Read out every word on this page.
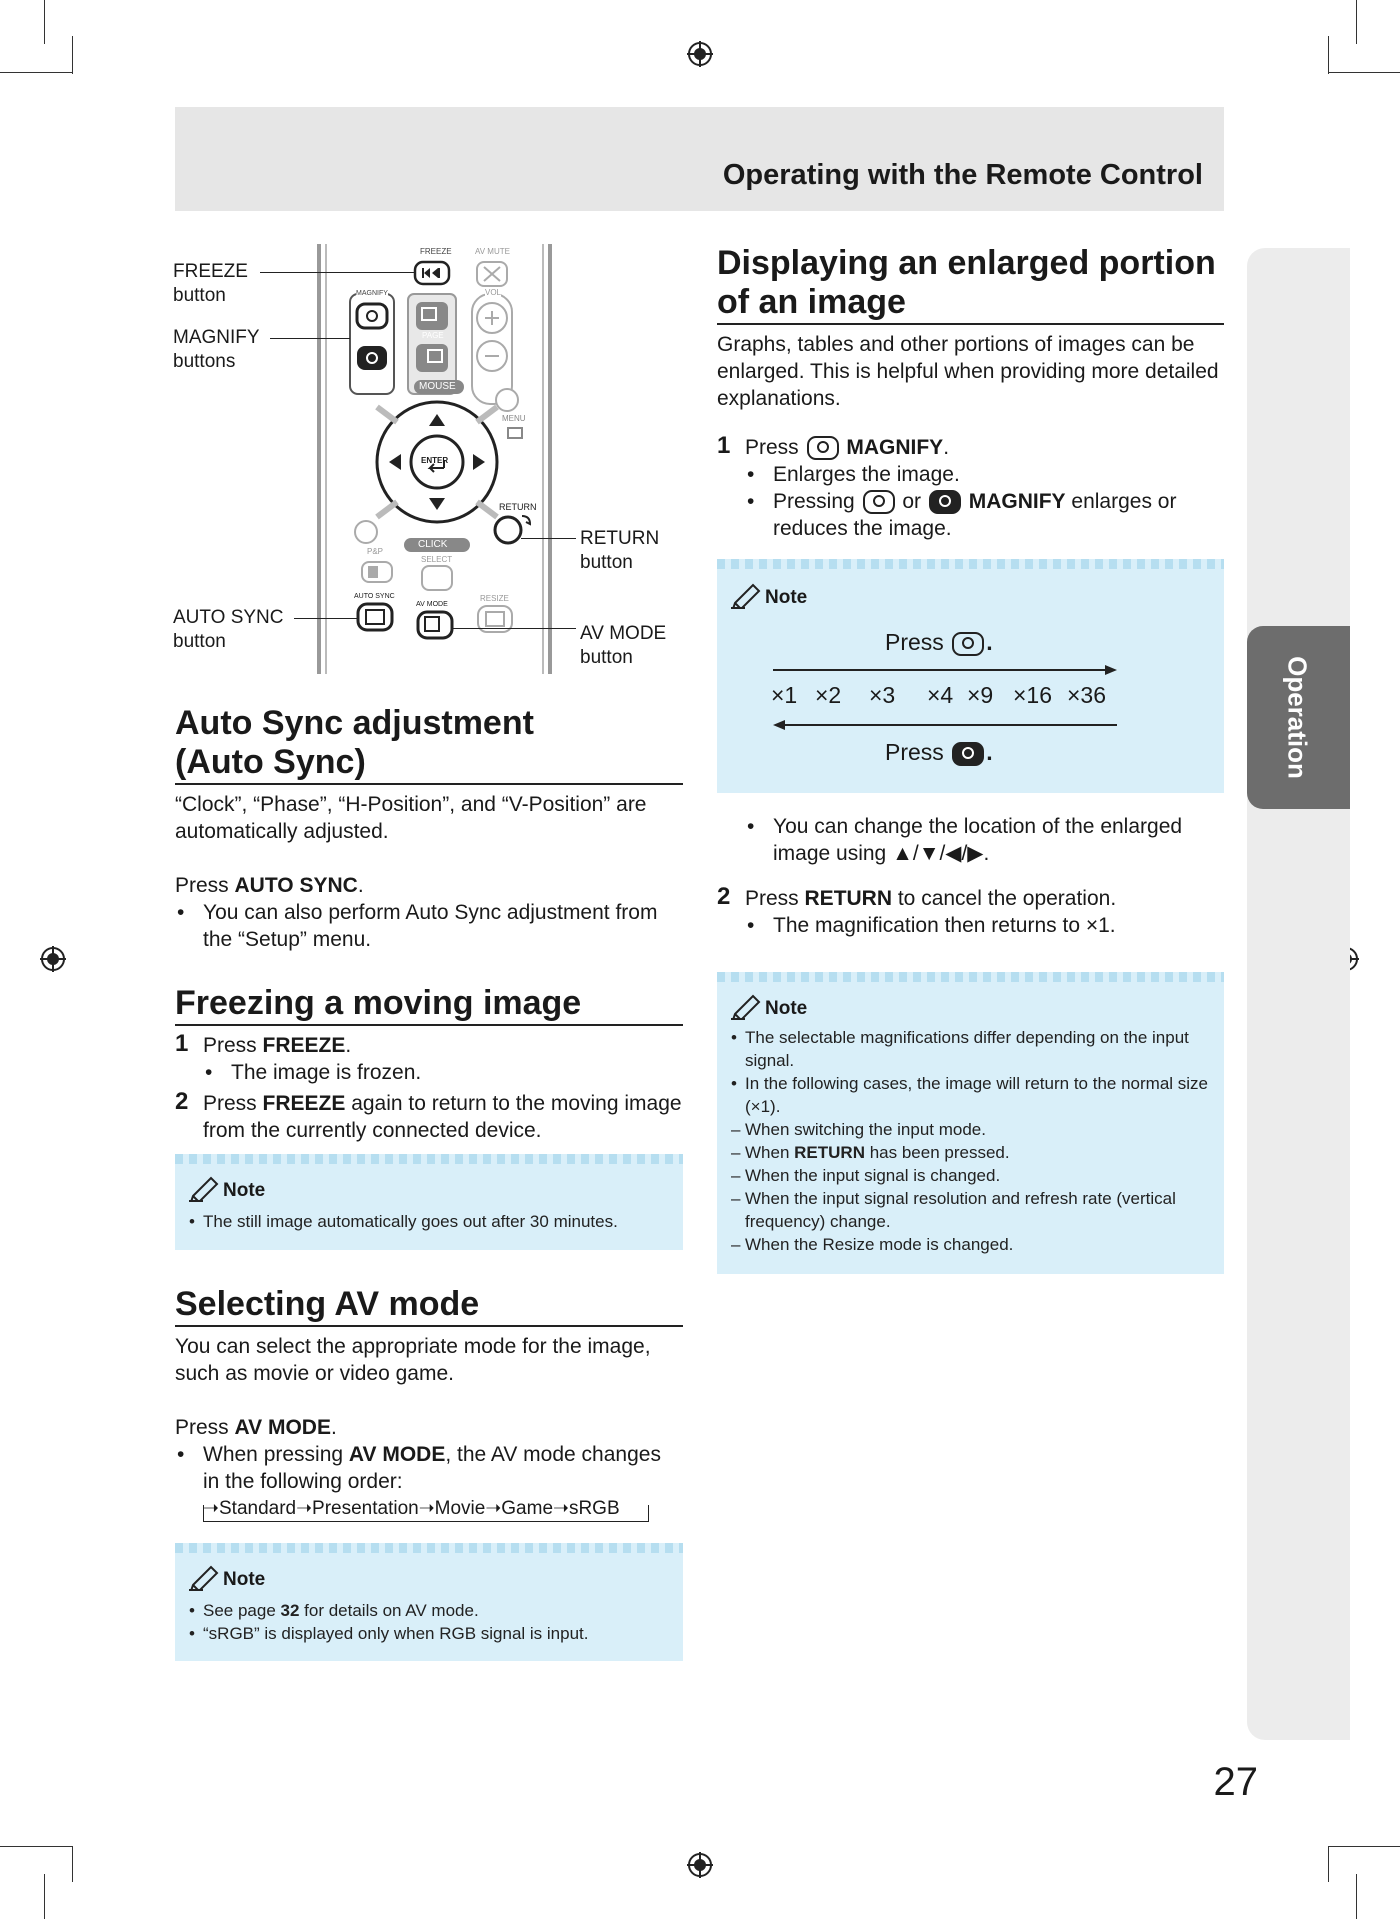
Operating with the Remote Control
Operation
27
FREEZE	AV MUTE
MAGNIFY	VOL
PAGE
MOUSE
MENU
ENTER
RETURN
CLICK
P&P
SELECT
AUTO SYNC
AV MODE
RESIZE
FREEZE
button
MAGNIFY
buttons
AUTO SYNC
button
RETURN
button
AV MODE
button
Auto Sync adjustment
(Auto Sync)
“Clock”, “Phase”, “H-Position”, and “V-Position” are automatically adjusted.
Press AUTO SYNC.
• You can also perform Auto Sync adjustment from the “Setup” menu.
Freezing a moving image
1 Press FREEZE.
• The image is frozen.
2 Press FREEZE again to return to the moving image from the currently connected device.
Note
• The still image automatically goes out after 30 minutes.
Selecting AV mode
You can select the appropriate mode for the image, such as movie or video game.
Press AV MODE.
• When pressing AV MODE, the AV mode changes in the following order:
➝ Standard ➝ Presentation ➝ Movie ➝ Game ➝ sRGB
Note
• See page 32 for details on AV mode.
• “sRGB” is displayed only when RGB signal is input.
Displaying an enlarged portion
of an image
Graphs, tables and other portions of images can be enlarged. This is helpful when providing more detailed explanations.
1 Press  MAGNIFY.
• Enlarges the image.
• Pressing  or  MAGNIFY enlarges or reduces the image.
Note
Press .
×1 ×2 ×3 ×4 ×9 ×16 ×36
Press .
• You can change the location of the enlarged image using ▲/▼/◀/▶.
2 Press RETURN to cancel the operation.
• The magnification then returns to ×1.
Note
• The selectable magnifications differ depending on the input signal.
• In the following cases, the image will return to the normal size (×1).
– When switching the input mode.
– When RETURN has been pressed.
– When the input signal is changed.
– When the input signal resolution and refresh rate (vertical frequency) change.
– When the Resize mode is changed.
